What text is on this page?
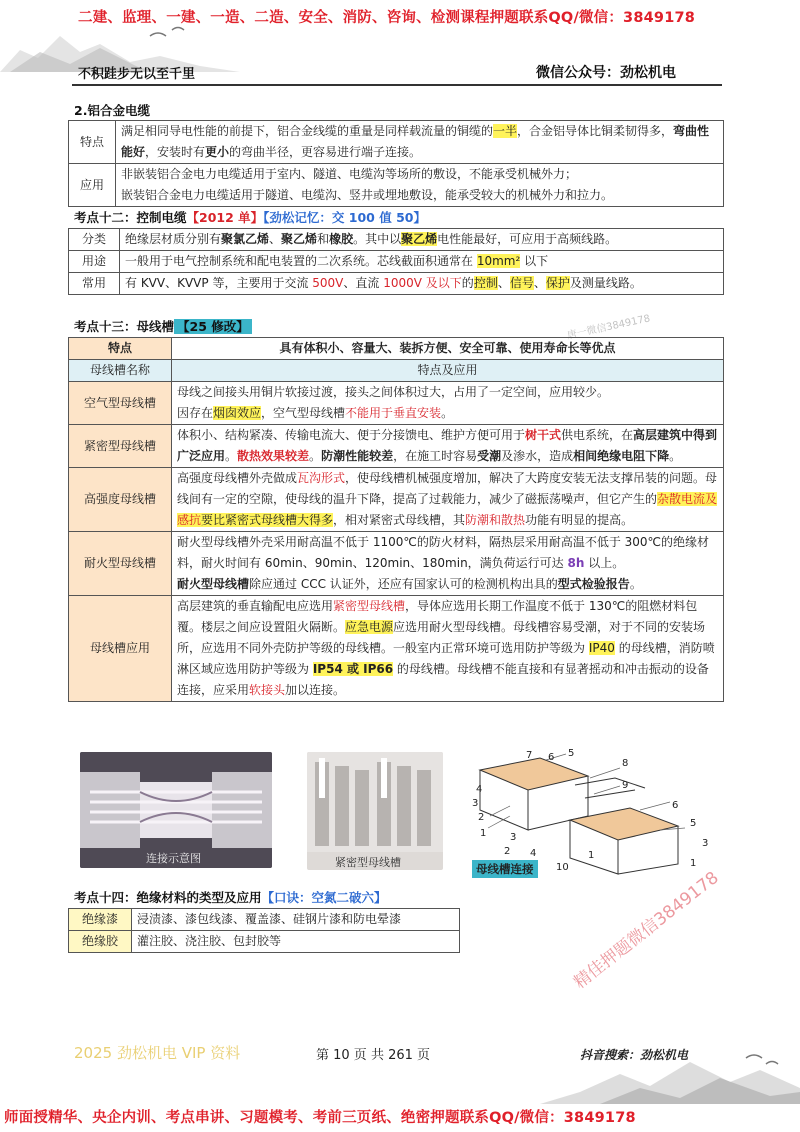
二建、监理、一建、一造、二造、安全、消防、咨询、检测课程押题联系QQ/微信：3849178
不积跬步无以至千里	微信公众号：劲松机电
2.铝合金电缆
特点	满足相同导电性能的前提下，铝合金线缆的重量是同样载流量的铜缆的一半，合金铝导体比铜柔韧得多，弯曲性能好，安装时有更小的弯曲半径，更容易进行端子连接。
应用	非嵌装铝合金电力电缆适用于室内、隧道、电缆沟等场所的敷设，不能承受机械外力；
嵌装铝合金电力电缆适用于隧道、电缆沟、竖井或埋地敷设，能承受较大的机械外力和拉力。
考点十二：控制电缆【2012 单】【劲松记忆：交 100 值 50】
分类	绝缘层材质分别有聚氯乙烯、聚乙烯和橡胶。其中以聚乙烯电性能最好，可应用于高频线路。
用途	一般用于电气控制系统和配电装置的二次系统。芯线截面积通常在 10mm² 以下
常用	有 KVV、KVVP 等，主要用于交流 500V、直流 1000V 及以下的控制、信号、保护及测量线路。
考点十三：母线槽 【25 修改】	唐一微信3849178
特点	具有体积小、容量大、装拆方便、安全可靠、使用寿命长等优点
母线槽名称	特点及应用
空气型母线槽	母线之间接头用铜片软接过渡，接头之间体积过大，占用了一定空间，应用较少。
因存在烟囱效应，空气型母线槽不能用于垂直安装。
紧密型母线槽	体积小、结构紧凑、传输电流大、便于分接馈电、维护方便可用于树干式供电系统，在高层建筑中得到广泛应用。散热效果较差。防潮性能较差，在施工时容易受潮及渗水，造成相间绝缘电阻下降。
高强度母线槽	高强度母线槽外壳做成瓦沟形式，使母线槽机械强度增加，解决了大跨度安装无法支撑吊装的问题。母线间有一定的空隙，使母线的温升下降，提高了过载能力，减少了磁振荡噪声，但它产生的杂散电流及感抗要比紧密式母线槽大得多，相对紧密式母线槽，其防潮和散热功能有明显的提高。
耐火型母线槽	耐火型母线槽外壳采用耐高温不低于 1100℃的防火材料，隔热层采用耐高温不低于 300℃的绝缘材料，耐火时间有 60min、90min、120min、180min，满负荷运行可达 8h 以上。
耐火型母线槽除应通过 CCC 认证外，还应有国家认可的检测机构出具的型式检验报告。
母线槽应用	高层建筑的垂直输配电应选用紧密型母线槽，导体应选用长期工作温度不低于 130℃的阻燃材料包覆。楼层之间应设置阻火隔断。应急电源应选用耐火型母线槽。母线槽容易受潮，对于不同的安装场所，应选用不同外壳防护等级的母线槽。一般室内正常环境可选用防护等级为 IP40 的母线槽，消防喷淋区域应选用防护等级为 IP54 或 IP66 的母线槽。母线槽不能直接和有显著摇动和冲击振动的设备连接，应采用软接头加以连接。
连接示意图	紧密型母线槽
7 6 5
4
3
2
1
8
9
6
5
3
1
2
10
4
3
1
母线槽连接
考点十四：绝缘材料的类型及应用【口诀：空氮二破六】
绝缘漆	浸渍漆、漆包线漆、覆盖漆、硅钢片漆和防电晕漆
绝缘胶	灌注胶、浇注胶、包封胶等	精佳押题微信3849178
2025 劲松机电 VIP 资料	第 10 页 共 261 页	抖音搜索：劲松机电
师面授精华、央企内训、考点串讲、习题模考、考前三页纸、绝密押题联系QQ/微信：3849178
